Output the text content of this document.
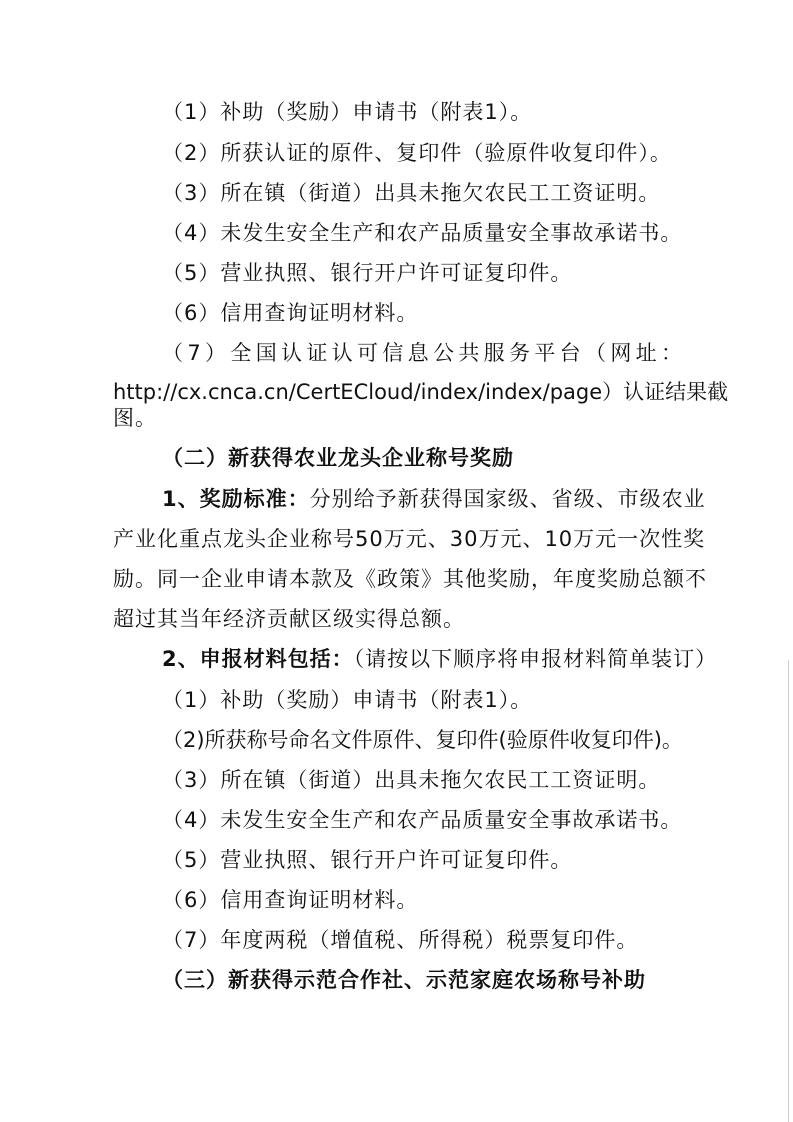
（1）补助（奖励）申请书（附表1）。
（2）所获认证的原件、复印件（验原件收复印件）。
（3）所在镇（街道）出具未拖欠农民工工资证明。
（4）未发生安全生产和农产品质量安全事故承诺书。
（5）营业执照、银行开户许可证复印件。
（6）信用查询证明材料。
（7）全国认证认可信息公共服务平台（网址：
http://cx.cnca.cn/CertECloud/index/index/page）认证结果截
图。
（二）新获得农业龙头企业称号奖励
1、奖励标准：分别给予新获得国家级、省级、市级农业
产业化重点龙头企业称号50万元、30万元、10万元一次性奖
励。同一企业申请本款及《政策》其他奖励，年度奖励总额不
超过其当年经济贡献区级实得总额。
2、申报材料包括：（请按以下顺序将申报材料简单装订）
（1）补助（奖励）申请书（附表1）。
（2)所获称号命名文件原件、复印件(验原件收复印件)。
（3）所在镇（街道）出具未拖欠农民工工资证明。
（4）未发生安全生产和农产品质量安全事故承诺书。
（5）营业执照、银行开户许可证复印件。
（6）信用查询证明材料。
（7）年度两税（增值税、所得税）税票复印件。
（三）新获得示范合作社、示范家庭农场称号补助
